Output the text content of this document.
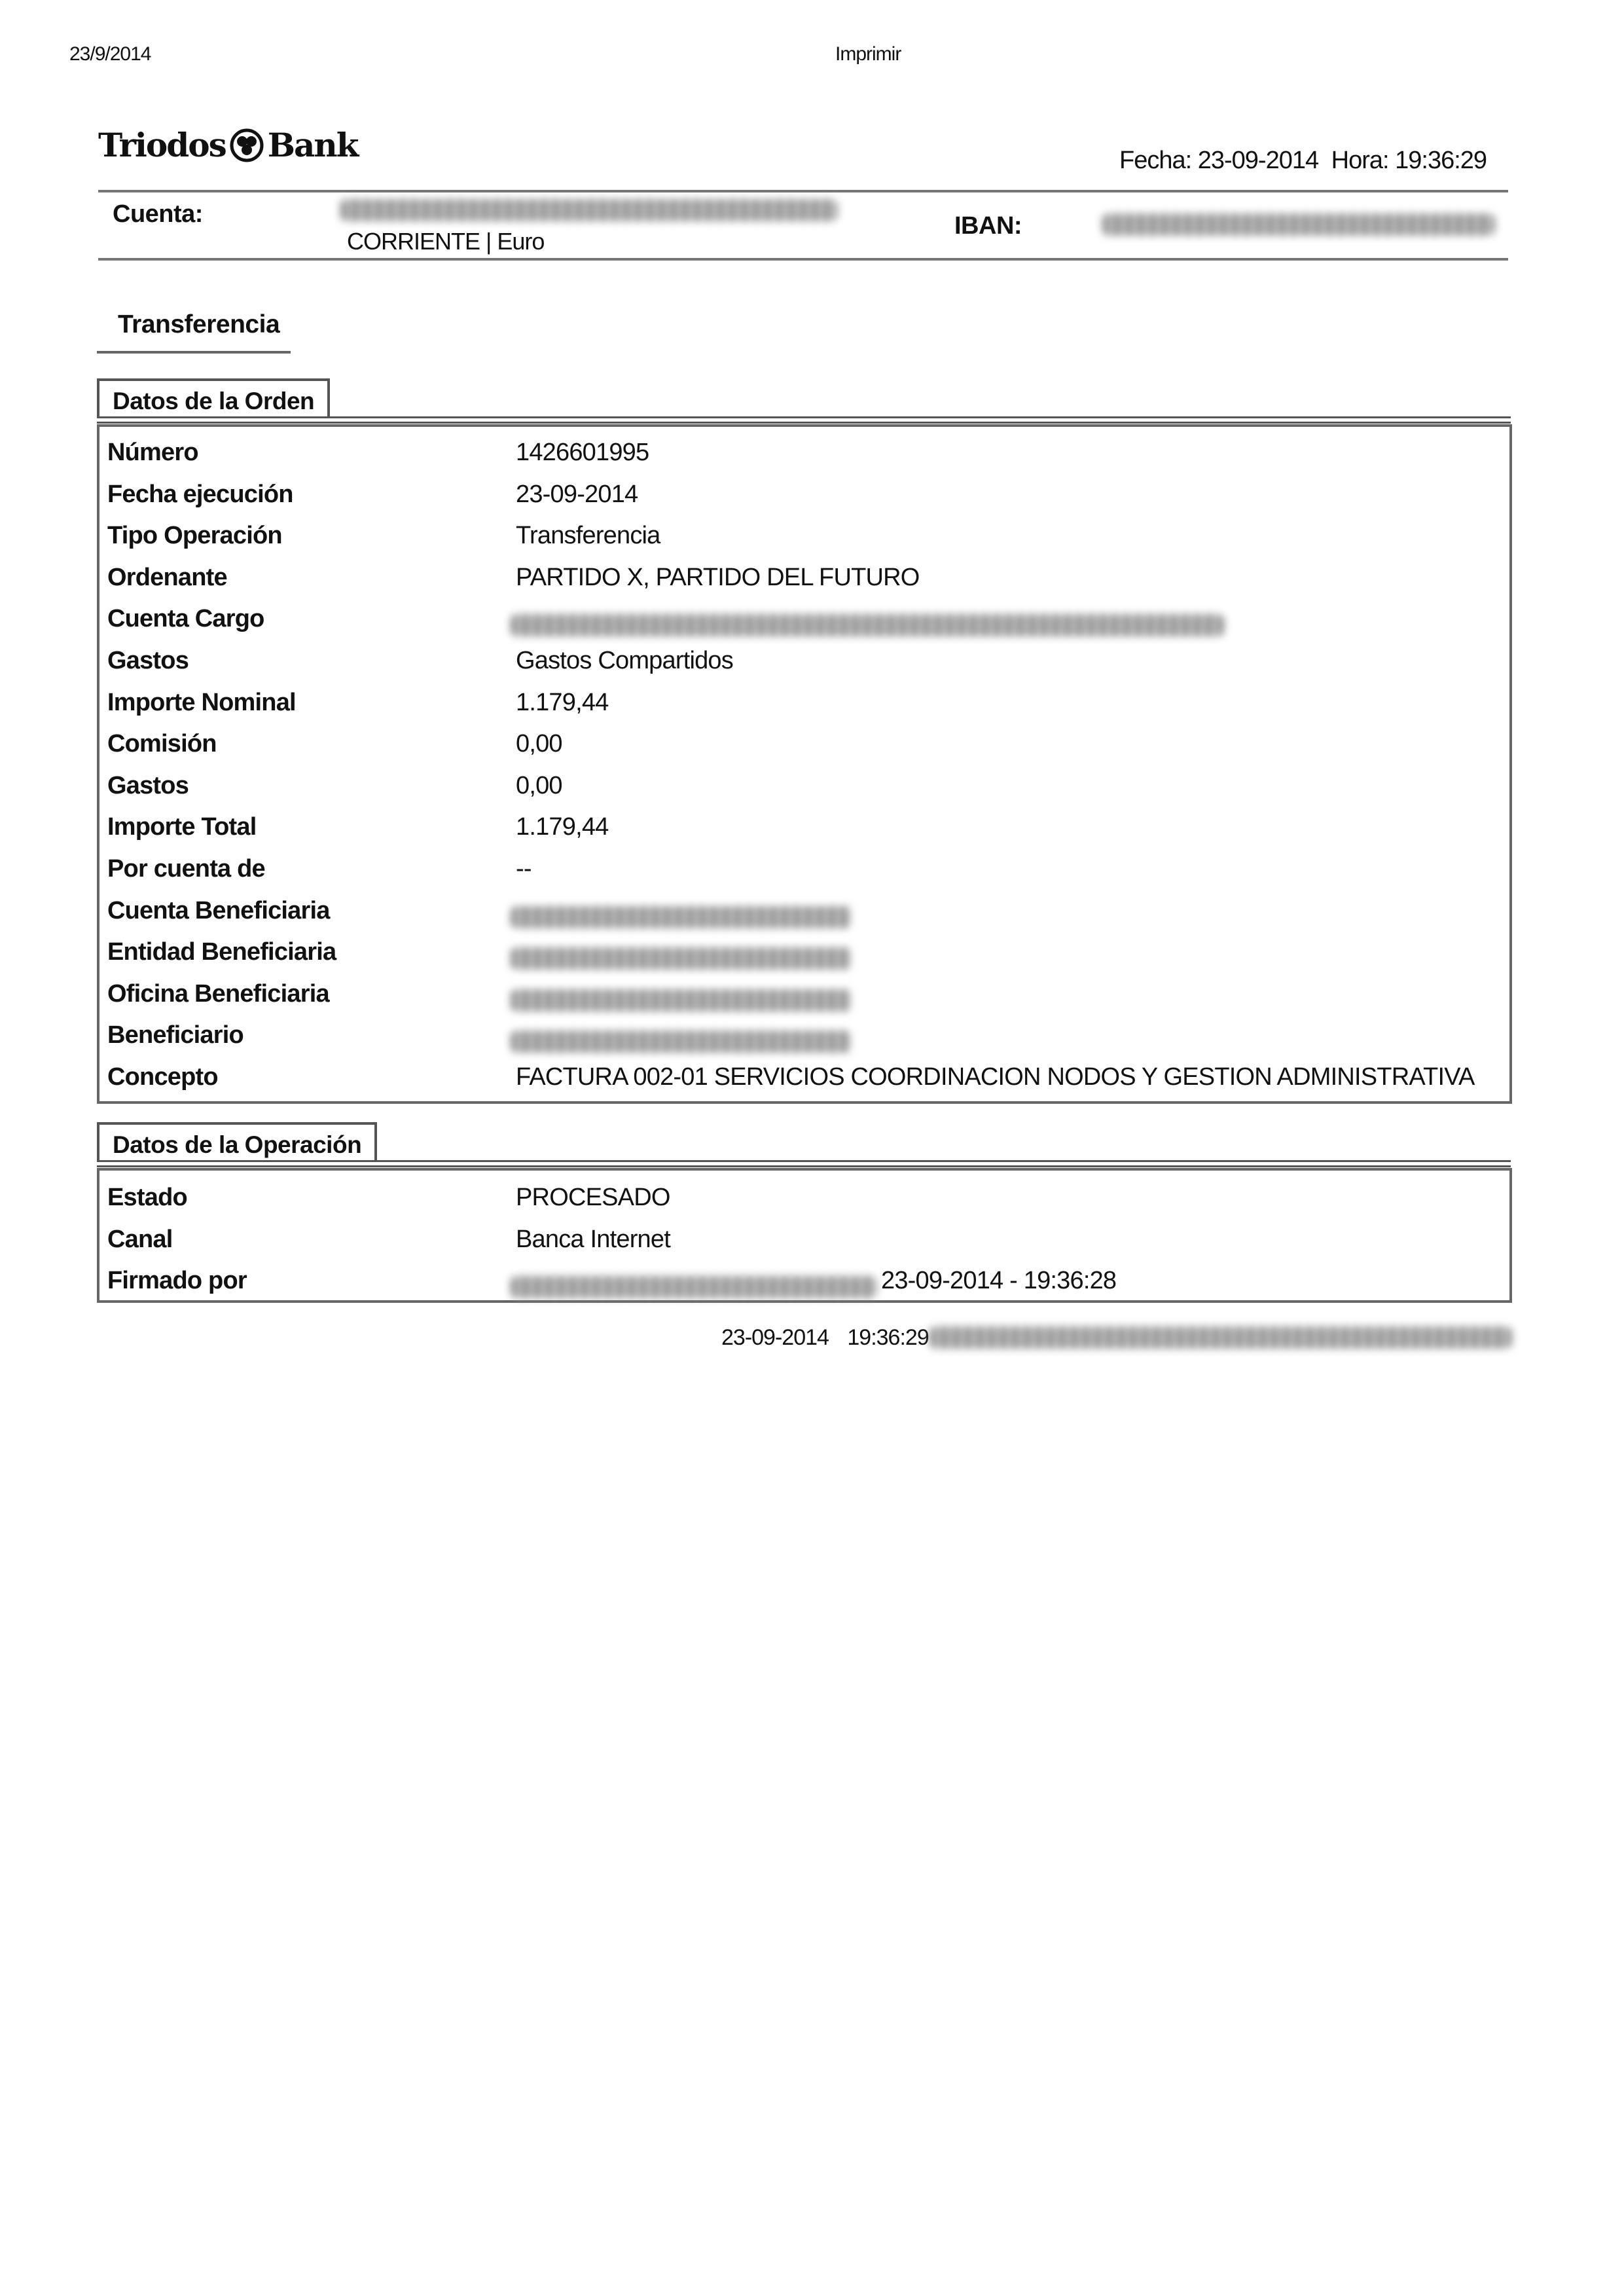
23/9/2014	Imprimir
Triodos Bank	Fecha: 23-09-2014 Hora: 19:36:29
Cuenta:
CORRIENTE | Euro
IBAN:
Transferencia
Datos de la Orden
Número	1426601995
Fecha ejecución	23-09-2014
Tipo Operación	Transferencia
Ordenante	PARTIDO X, PARTIDO DEL FUTURO
Cuenta Cargo
Gastos	Gastos Compartidos
Importe Nominal	1.179,44
Comisión	0,00
Gastos	0,00
Importe Total	1.179,44
Por cuenta de	--
Cuenta Beneficiaria
Entidad Beneficiaria
Oficina Beneficiaria
Beneficiario
Concepto	FACTURA 002-01 SERVICIOS COORDINACION NODOS Y GESTION ADMINISTRATIVA
Datos de la Operación
Estado	PROCESADO
Canal	Banca Internet
Firmado por	23-09-2014 - 19:36:28
23-09-2014 19:36:29
